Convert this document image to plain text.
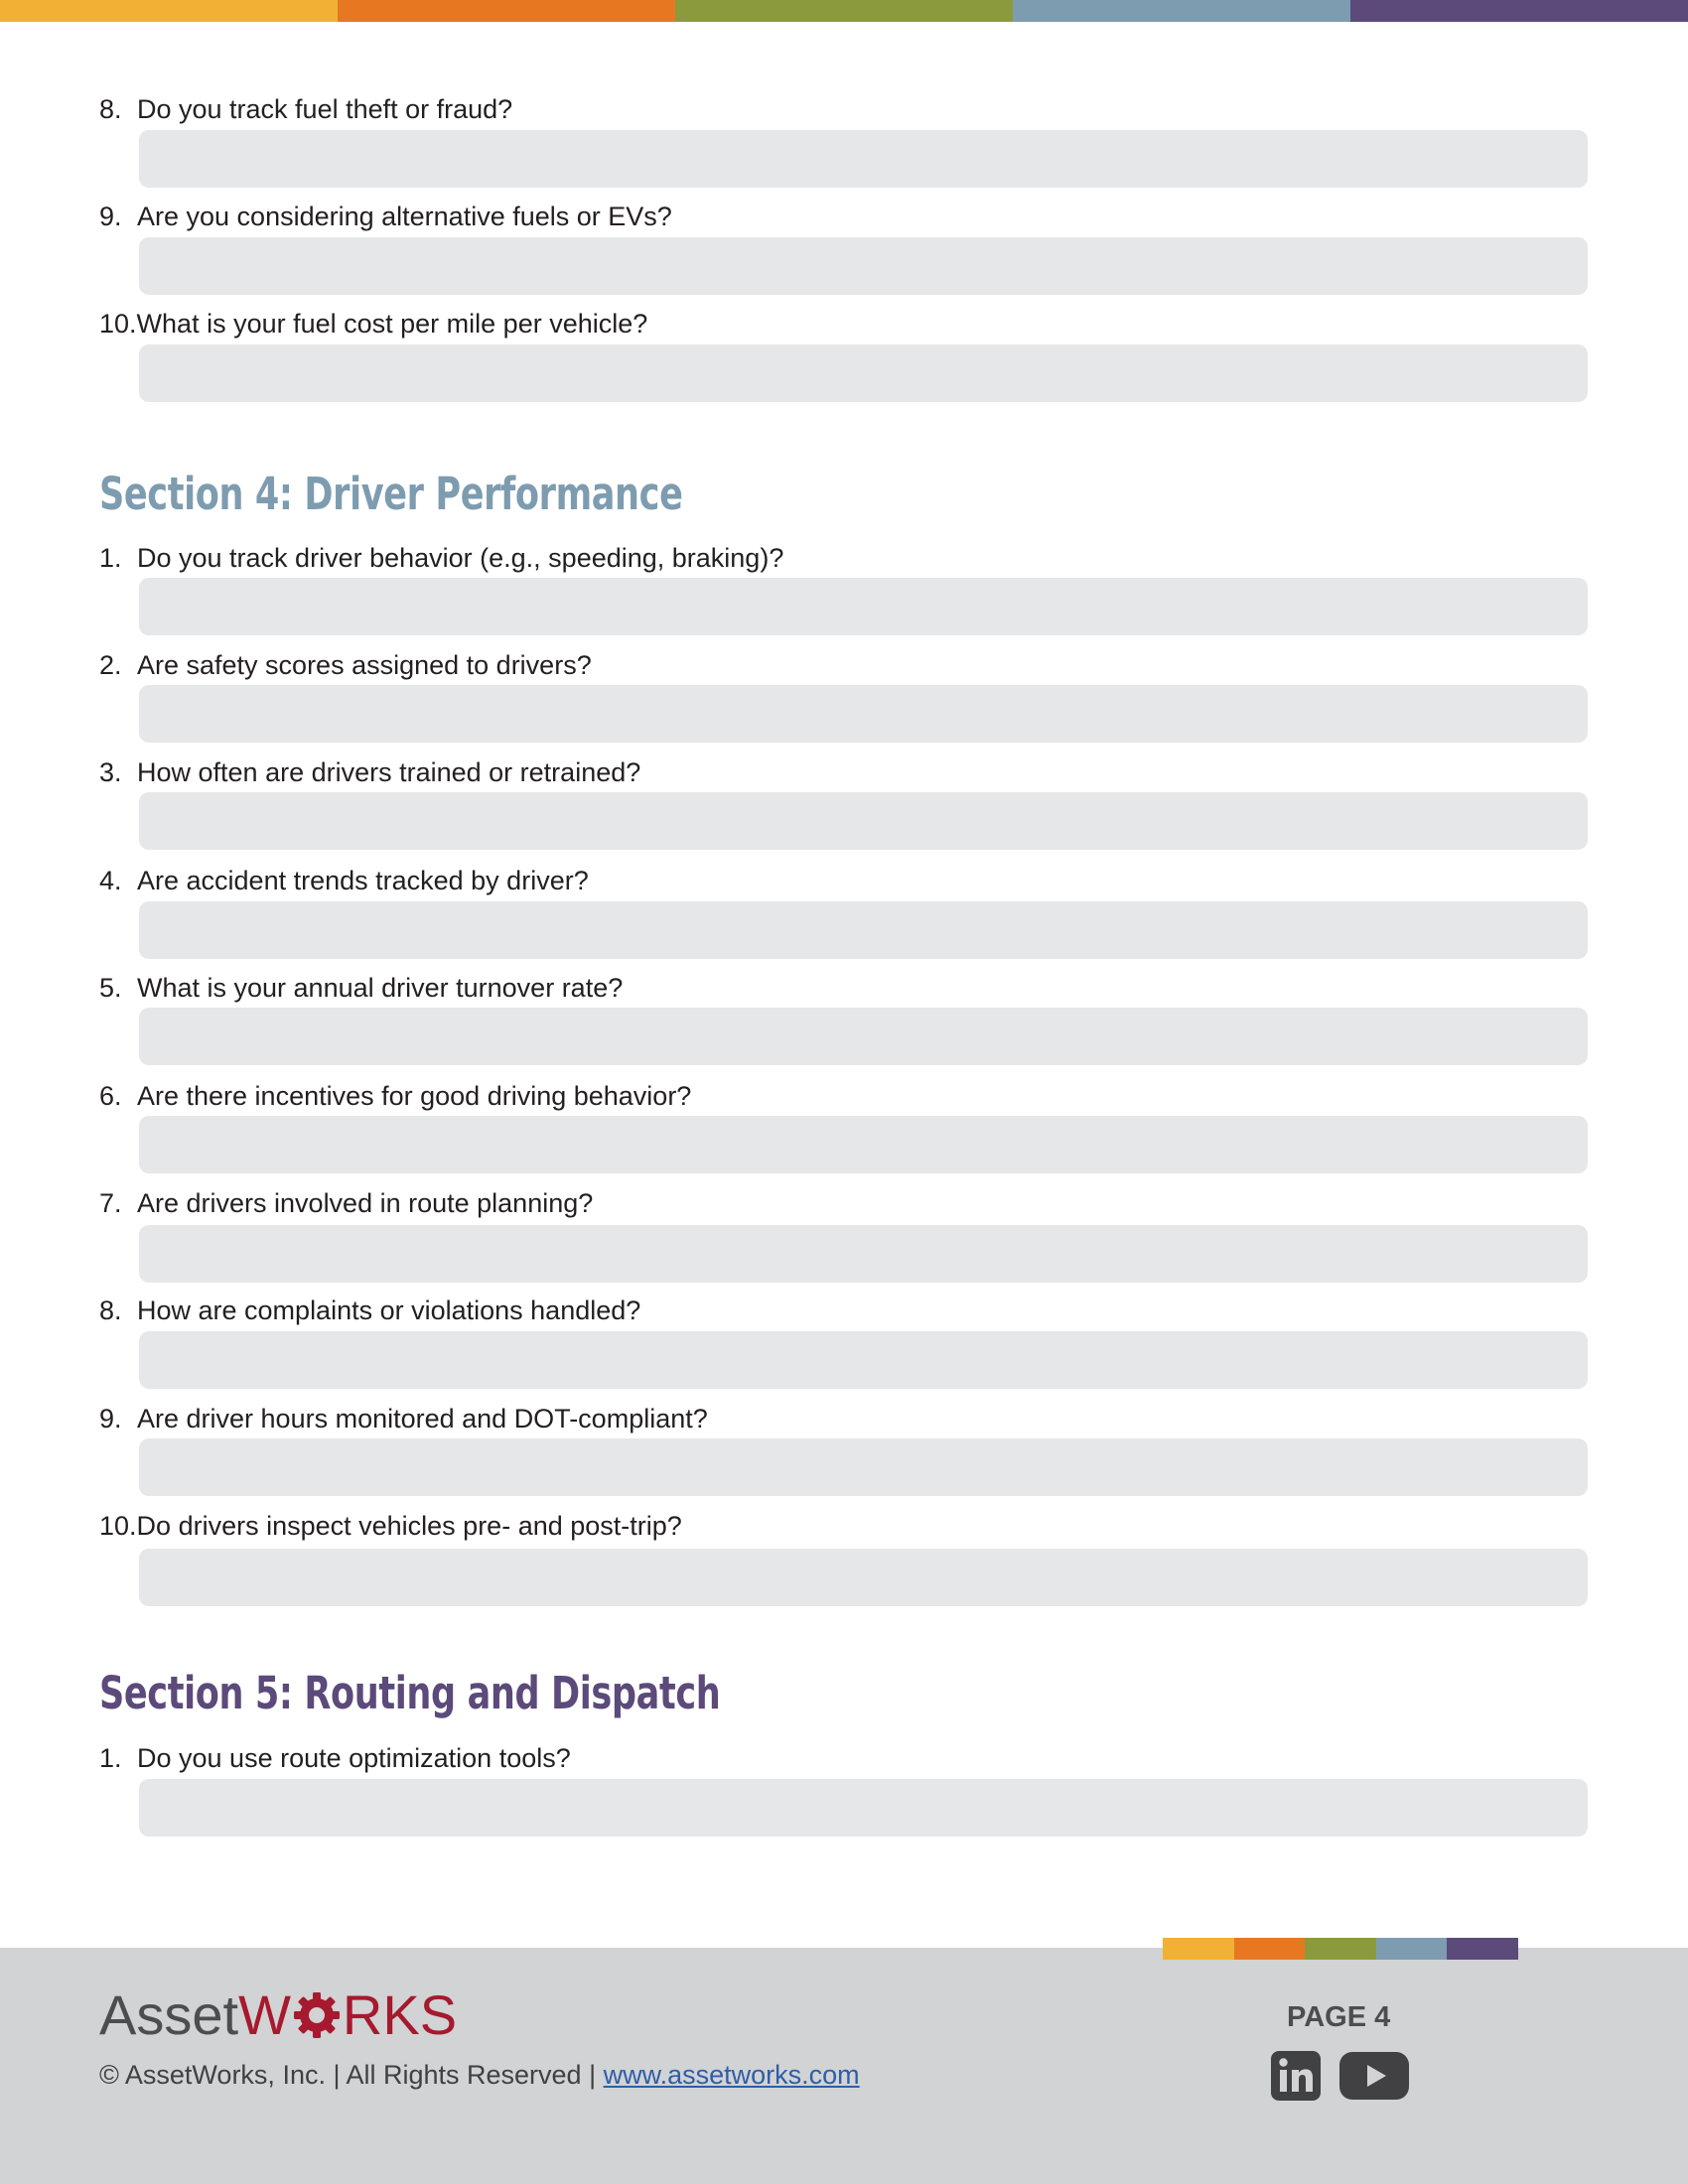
8. Do you track fuel theft or fraud?
9. Are you considering alternative fuels or EVs?
10.What is your fuel cost per mile per vehicle?
Section 4: Driver Performance
1. Do you track driver behavior (e.g., speeding, braking)?
2. Are safety scores assigned to drivers?
3. How often are drivers trained or retrained?
4. Are accident trends tracked by driver?
5. What is your annual driver turnover rate?
6. Are there incentives for good driving behavior?
7. Are drivers involved in route planning?
8. How are complaints or violations handled?
9. Are driver hours monitored and DOT-compliant?
10.Do drivers inspect vehicles pre- and post-trip?
Section 5: Routing and Dispatch
1. Do you use route optimization tools?
AssetW RKS
© AssetWorks, Inc. | All Rights Reserved | www.assetworks.com
PAGE 4
